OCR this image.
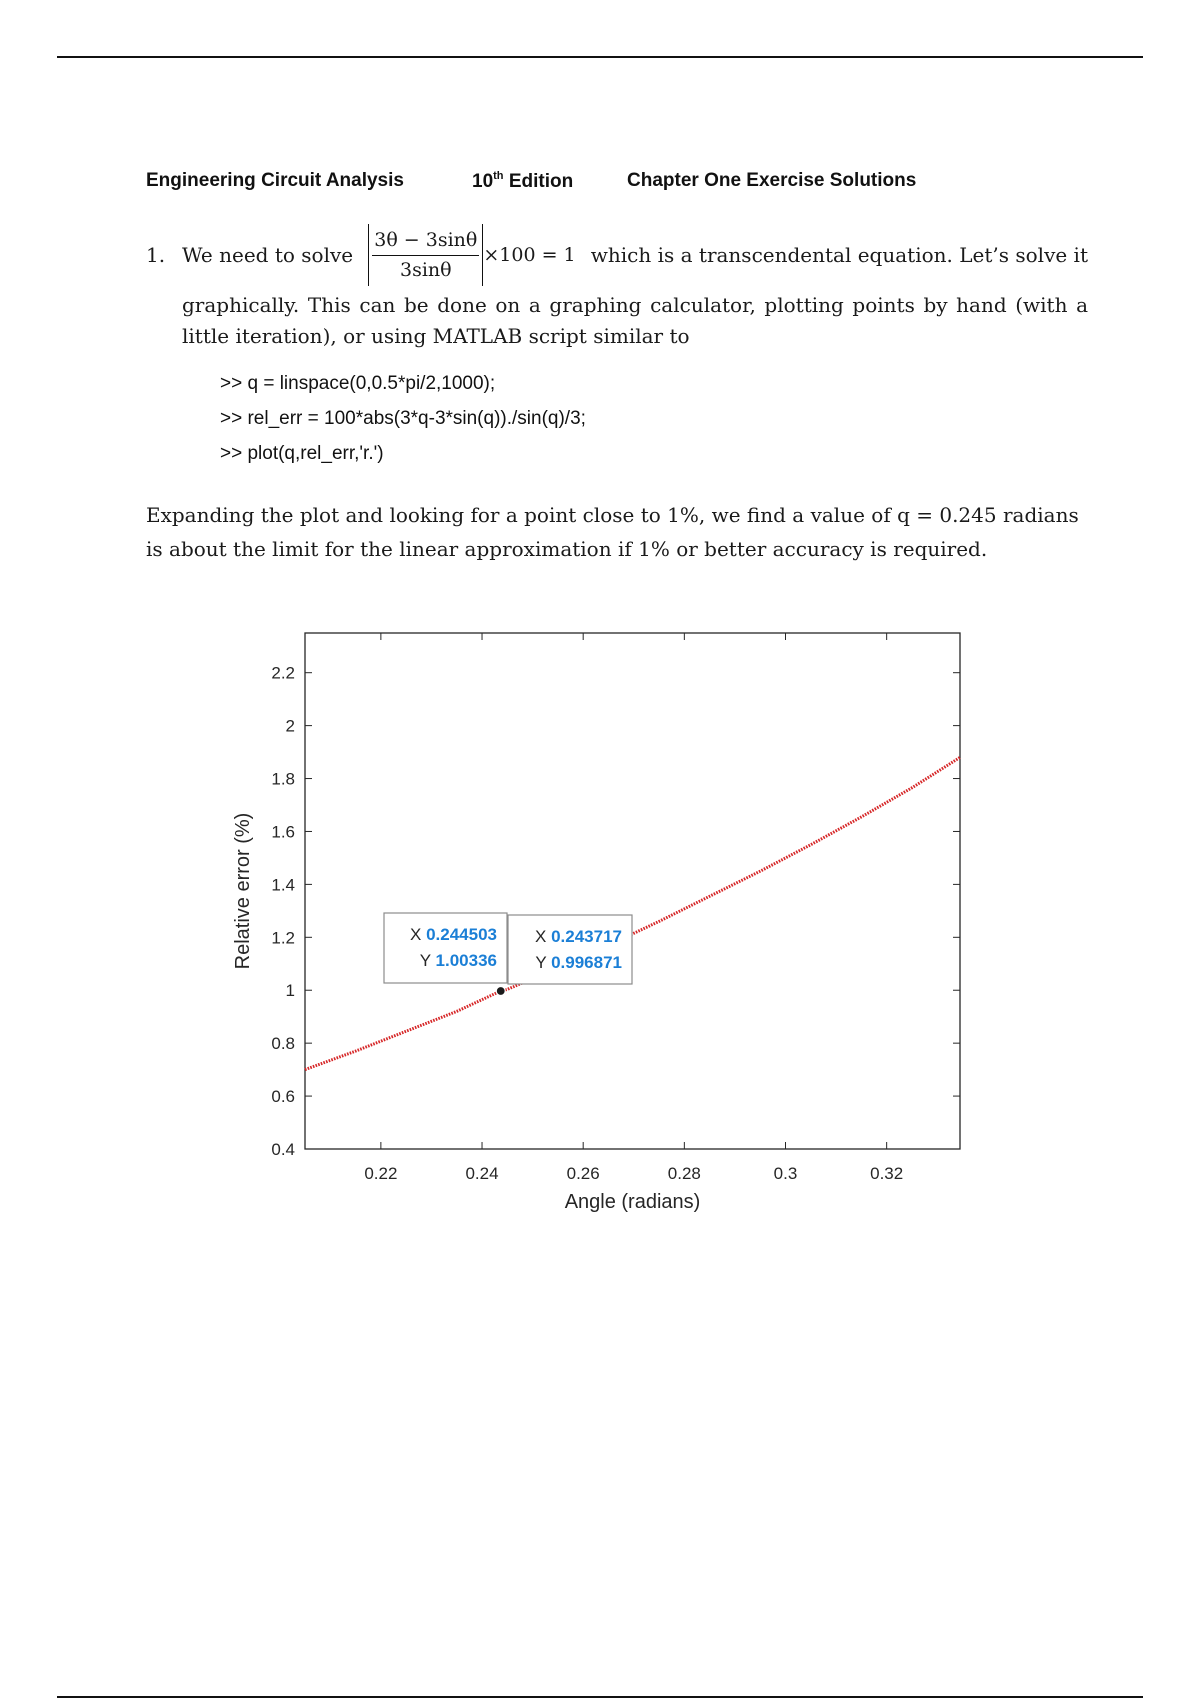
Engineering Circuit Analysis	10th Edition	Chapter One Exercise Solutions
1. We need to solve $\frac{3\theta - 3\sin\theta}{3\sin\theta} \times 100 = 1$ which is a transcendental equation. Let’s solve it
graphically. This can be done on a graphing calculator, plotting points by hand (with a little iteration), or using MATLAB script similar to
>> q = linspace(0,0.5*pi/2,1000);
>> rel_err = 100*abs(3*q-3*sin(q))./sin(q)/3;
>> plot(q,rel_err,'r.')
Expanding the plot and looking for a point close to 1%, we find a value of q = 0.245 radians is about the limit for the linear approximation if 1% or better accuracy is required.
0.22	0.24	0.26	0.28	0.3	0.32
0.4
0.6
0.8
1
1.2
1.4
1.6
1.8
2
2.2
Angle (radians)
Relative error (%)	X 0.244503
Y 1.00336
X 0.243717
Y 0.996871
